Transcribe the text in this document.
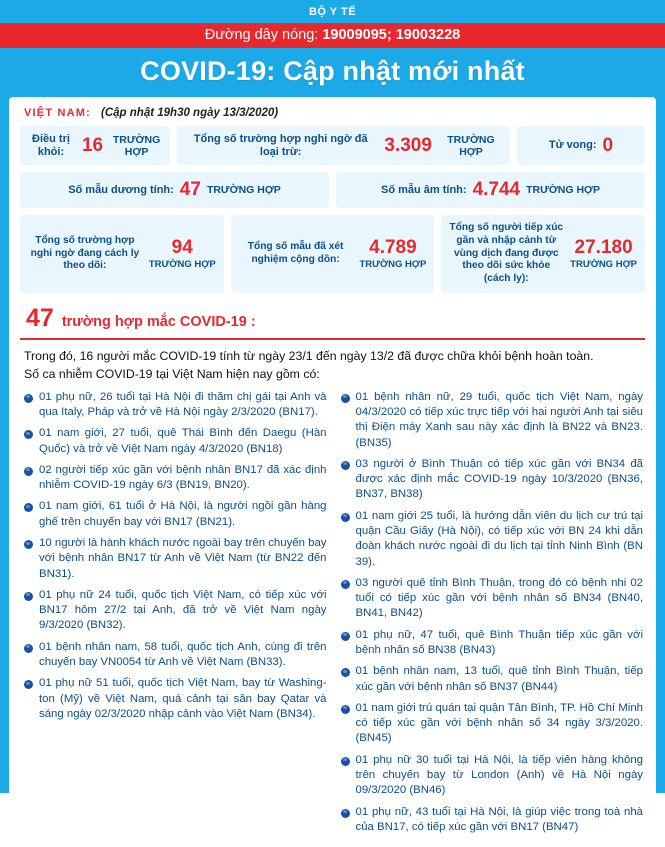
BỘ Y TẾ
Đường dây nóng: 19009095; 19003228
COVID-19: Cập nhật mới nhất
VIỆT NAM: (Cập nhật 19h30 ngày 13/3/2020)
Điều trị khỏi: 16 TRƯỜNG HỢP
Tổng số trường hợp nghi ngờ đã loại trừ:	3.309	TRƯỜNG HỢP
Tử vong: 0
Số mẫu dương tính: 47 TRƯỜNG HỢP	Số mẫu âm tính: 4.744 TRƯỜNG HỢP
Tổng số trường hợp nghi ngờ đang cách ly theo dõi:
94
TRƯỜNG HỢP
Tổng số mẫu đã xét nghiệm cộng dồn:
4.789
TRƯỜNG HỢP
Tổng số người tiếp xúc gần và nhập cảnh từ vùng dịch đang được theo dõi sức khỏe (cách ly):
27.180
TRƯỜNG HỢP
47 trường hợp mắc COVID-19 :
Trong đó, 16 người mắc COVID-19 tính từ ngày 23/1 đến ngày 13/2 đã được chữa khỏi bệnh hoàn toàn.
Số ca nhiễm COVID-19 tại Việt Nam hiện nay gồm có:
01 phụ nữ, 26 tuổi tại Hà Nội đi thăm chị gái tại Anh và qua Italy, Pháp và trở về Hà Nội ngày 2/3/2020 (BN17).
01 nam giới, 27 tuổi, quê Thái Bình đến Daegu (Hàn Quốc) và trở về Việt Nam ngày 4/3/2020 (BN18)
02 người tiếp xúc gần với bệnh nhân BN17 đã xác định nhiễm COVID-19 ngày 6/3 (BN19, BN20).
01 nam giới, 61 tuổi ở Hà Nội, là người ngồi gần hàng ghế trên chuyến bay với BN17 (BN21).
10 người là hành khách nước ngoài bay trên chuyến bay với bệnh nhân BN17 từ Anh về Việt Nam (từ BN22 đến BN31).
01 phụ nữ 24 tuổi, quốc tịch Việt Nam, có tiếp xúc với BN17 hôm 27/2 tại Anh, đã trở về Việt Nam ngày 9/3/2020 (BN32).
01 bệnh nhân nam, 58 tuổi, quốc tịch Anh, cùng đi trên chuyến bay VN0054 từ Anh về Việt Nam (BN33).
01 phụ nữ 51 tuổi, quốc tịch Việt Nam, bay từ Washing-ton (Mỹ) về Việt Nam, quá cảnh tại sân bay Qatar và sáng ngày 02/3/2020 nhập cảnh vào Việt Nam (BN34).
01 bệnh nhân nữ, 29 tuổi, quốc tịch Việt Nam, ngày 04/3/2020 có tiếp xúc trực tiếp với hai người Anh tại siêu thị Điện máy Xanh sau này xác định là BN22 và BN23. (BN35)
03 người ở Bình Thuận có tiếp xúc gần với BN34 đã được xác định mắc COVID-19 ngày 10/3/2020 (BN36, BN37, BN38)
01 nam giới 25 tuổi, là hướng dẫn viên du lịch cư trú tại quận Cầu Giấy (Hà Nội), có tiếp xúc với BN 24 khi dẫn đoàn khách nước ngoài đi du lịch tại tỉnh Ninh Bình (BN 39).
03 người quê tỉnh Bình Thuận, trong đó có bệnh nhi 02 tuổi có tiếp xúc gần với bệnh nhân số BN34 (BN40, BN41, BN42)
01 phụ nữ, 47 tuổi, quê Bình Thuận tiếp xúc gần với bệnh nhân số BN38 (BN43)
01 bệnh nhân nam, 13 tuổi, quê tỉnh Bình Thuận, tiếp xúc gần với bệnh nhân số BN37 (BN44)
01 nam giới trú quán tại quận Tân Bình, TP. Hồ Chí Minh có tiếp xúc gần với bệnh nhân số 34 ngày 3/3/2020. (BN45)
01 phụ nữ 30 tuổi tại Hà Nội, là tiếp viên hàng không trên chuyến bay từ London (Anh) về Hà Nội ngày 09/3/2020 (BN46)
01 phụ nữ, 43 tuổi tại Hà Nội, là giúp việc trong toà nhà của BN17, có tiếp xúc gần với BN17 (BN47)
